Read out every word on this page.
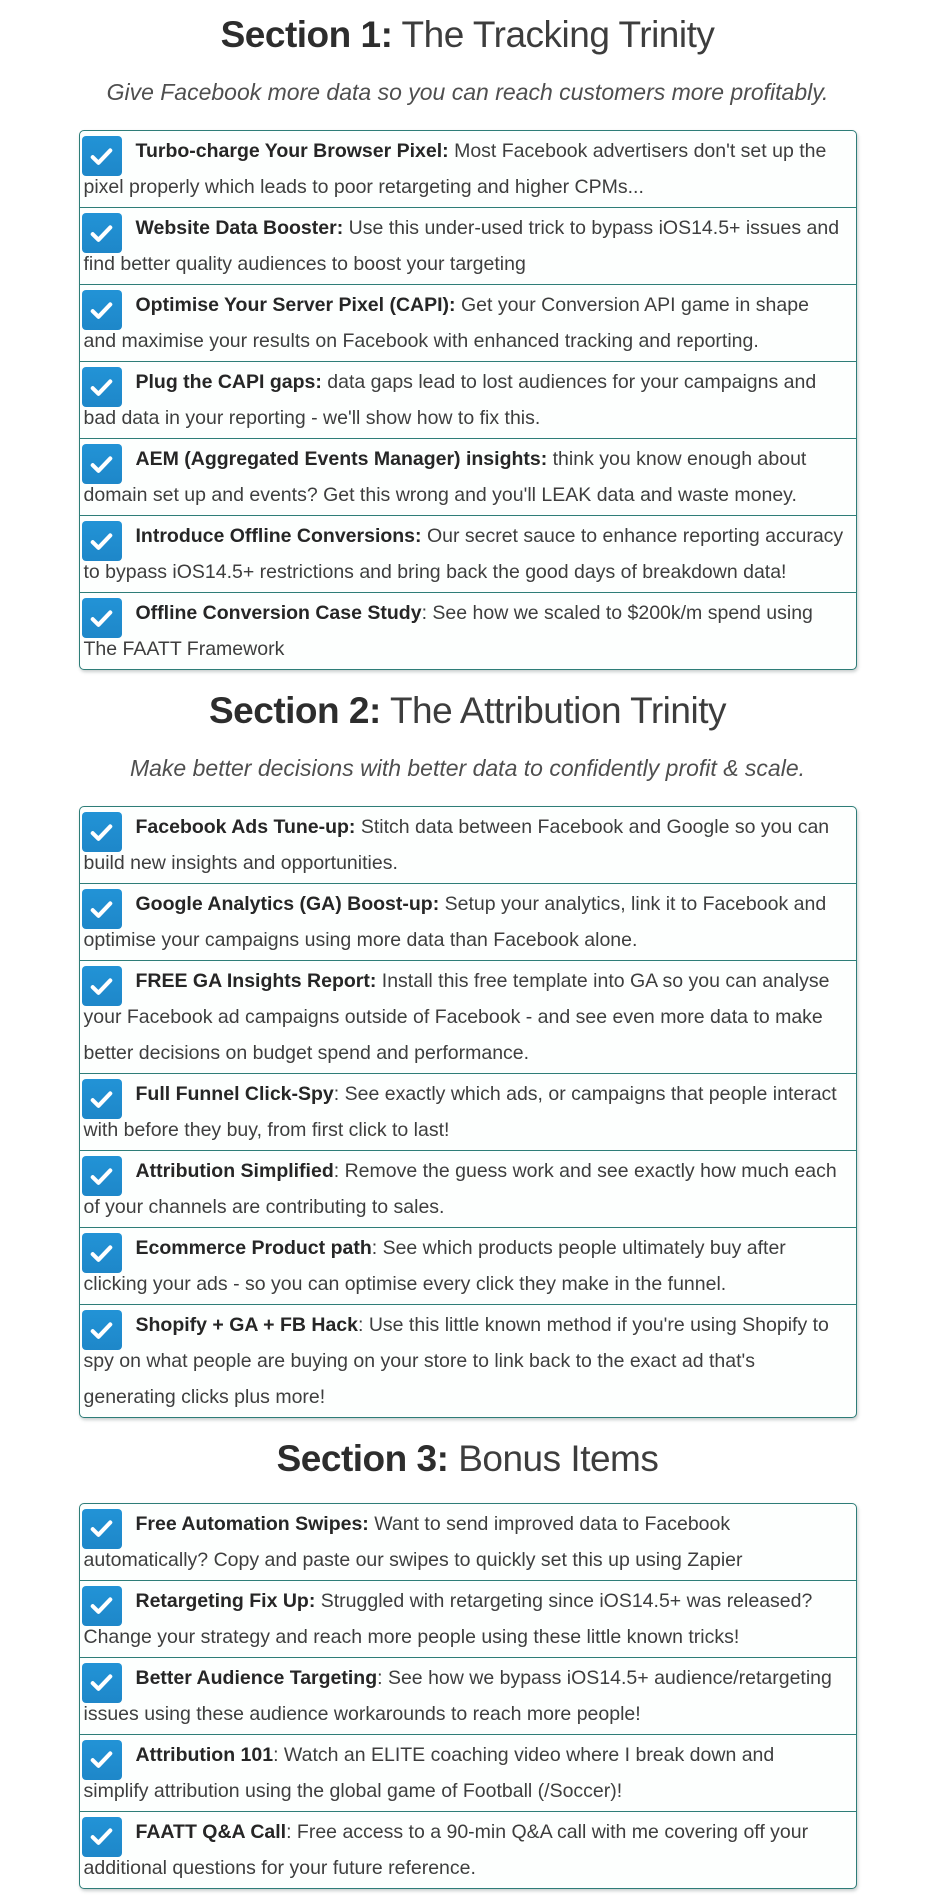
Section 1: The Tracking Trinity

Give Facebook more data so you can reach customers more profitably.

Turbo-charge Your Browser Pixel: Most Facebook advertisers don't set up the pixel properly which leads to poor retargeting and higher CPMs...
Website Data Booster: Use this under-used trick to bypass iOS14.5+ issues and find better quality audiences to boost your targeting
Optimise Your Server Pixel (CAPI): Get your Conversion API game in shape and maximise your results on Facebook with enhanced tracking and reporting.
Plug the CAPI gaps: data gaps lead to lost audiences for your campaigns and bad data in your reporting - we'll show how to fix this.
AEM (Aggregated Events Manager) insights: think you know enough about domain set up and events? Get this wrong and you'll LEAK data and waste money.
Introduce Offline Conversions: Our secret sauce to enhance reporting accuracy to bypass iOS14.5+ restrictions and bring back the good days of breakdown data!
Offline Conversion Case Study: See how we scaled to $200k/m spend using The FAATT Framework
Section 2: The Attribution Trinity

Make better decisions with better data to confidently profit & scale.

Facebook Ads Tune-up: Stitch data between Facebook and Google so you can build new insights and opportunities.
Google Analytics (GA) Boost-up: Setup your analytics, link it to Facebook and optimise your campaigns using more data than Facebook alone.
FREE GA Insights Report: Install this free template into GA so you can analyse your Facebook ad campaigns outside of Facebook - and see even more data to make better decisions on budget spend and performance.
Full Funnel Click-Spy: See exactly which ads, or campaigns that people interact with before they buy, from first click to last!
Attribution Simplified: Remove the guess work and see exactly how much each of your channels are contributing to sales.
Ecommerce Product path: See which products people ultimately buy after clicking your ads - so you can optimise every click they make in the funnel.
Shopify + GA + FB Hack: Use this little known method if you're using Shopify to spy on what people are buying on your store to link back to the exact ad that's generating clicks plus more!
Section 3: Bonus Items
Free Automation Swipes: Want to send improved data to Facebook automatically? Copy and paste our swipes to quickly set this up using Zapier
Retargeting Fix Up: Struggled with retargeting since iOS14.5+ was released? Change your strategy and reach more people using these little known tricks!
Better Audience Targeting: See how we bypass iOS14.5+ audience/retargeting issues using these audience workarounds to reach more people!
Attribution 101: Watch an ELITE coaching video where I break down and simplify attribution using the global game of Football (/Soccer)!
FAATT Q&A Call: Free access to a 90-min Q&A call with me covering off your additional questions for your future reference.
